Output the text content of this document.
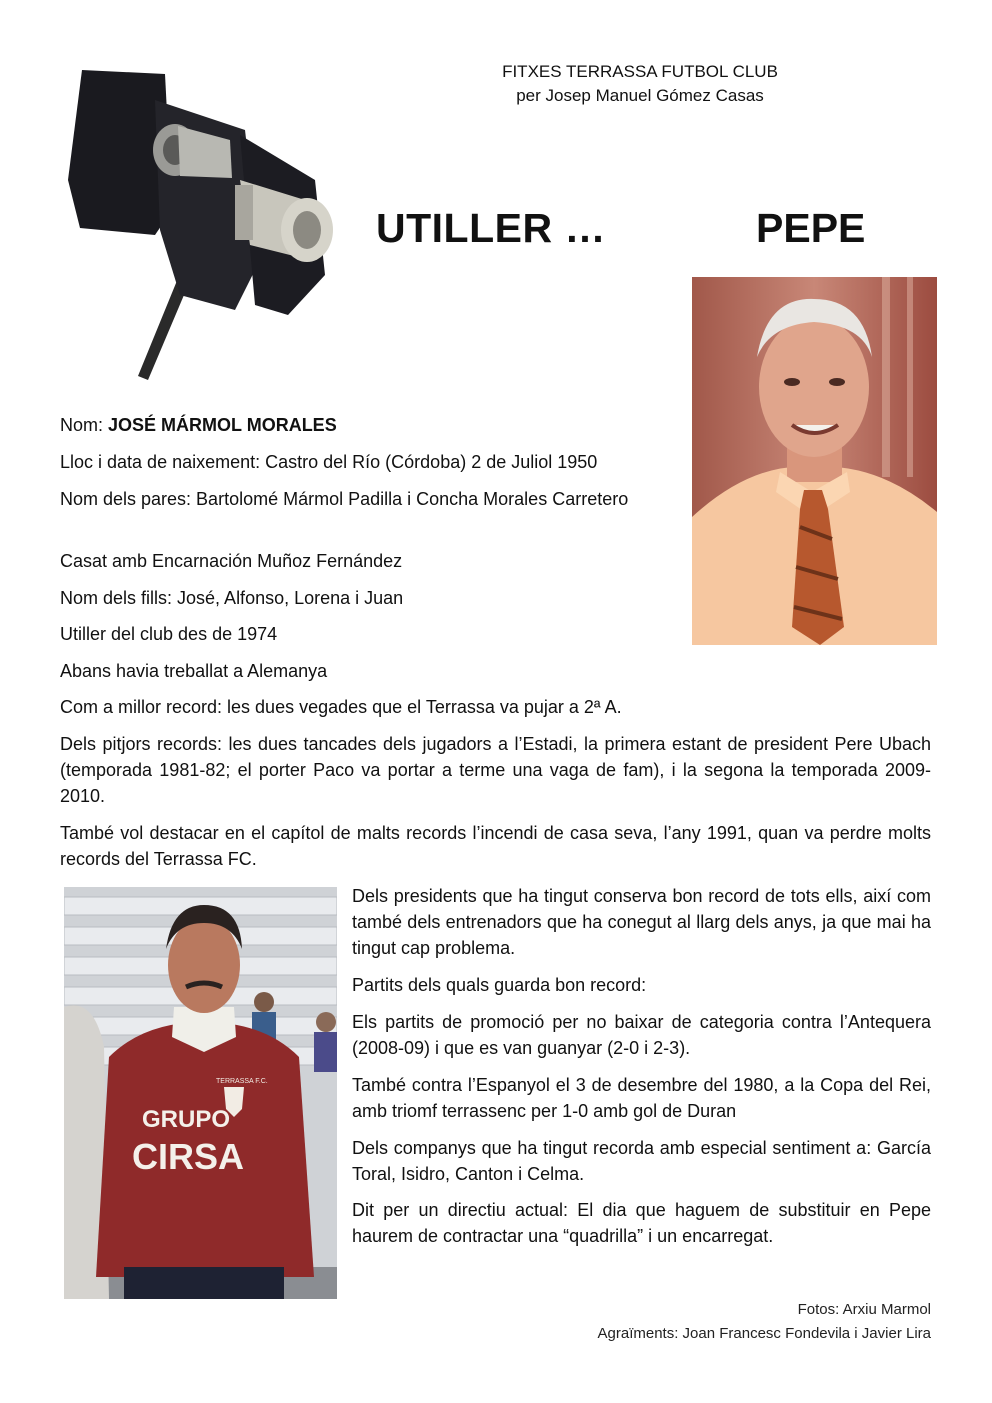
FITXES TERRASSA FUTBOL CLUB
per Josep Manuel Gómez Casas
UTILLER …	PEPE

Nom: JOSÉ MÁRMOL MORALES

Lloc i data de naixement: Castro del Río (Córdoba) 2 de Juliol 1950

Nom dels pares: Bartolomé Mármol Padilla i Concha Morales Carretero

Casat amb Encarnación Muñoz Fernández

Nom dels fills: José, Alfonso, Lorena i Juan

Utiller del club des de 1974

Abans havia treballat a Alemanya

Com a millor record: les dues vegades que el Terrassa va pujar a 2ª A.

Dels pitjors records: les dues tancades dels jugadors a l’Estadi, la primera estant de president Pere Ubach (temporada 1981-82; el porter Paco va portar a terme una vaga de fam), i la segona la temporada 2009-2010.

També vol destacar en el capítol de malts records l’incendi de casa seva, l’any 1991, quan va perdre molts records del Terrassa FC.

TERRASSA F.C.
GRUPO
CIRSA

Dels presidents que ha tingut conserva bon record de tots ells, així com també dels entrenadors que ha conegut al llarg dels anys, ja que mai ha tingut cap problema.

Partits dels quals guarda bon record:

Els partits de promoció per no baixar de categoria contra l’Antequera (2008-09) i que es van guanyar (2-0 i 2-3).

També contra l’Espanyol el 3 de desembre del 1980, a la Copa del Rei, amb triomf terrassenc per 1-0 amb gol de Duran

Dels companys que ha tingut recorda amb especial sentiment a: García Toral, Isidro, Canton i Celma.

Dit per un directiu actual: El dia que haguem de substituir en Pepe haurem de contractar una “quadrilla” i un encarregat.

Fotos: Arxiu Marmol
Agraïments: Joan Francesc Fondevila i Javier Lira
